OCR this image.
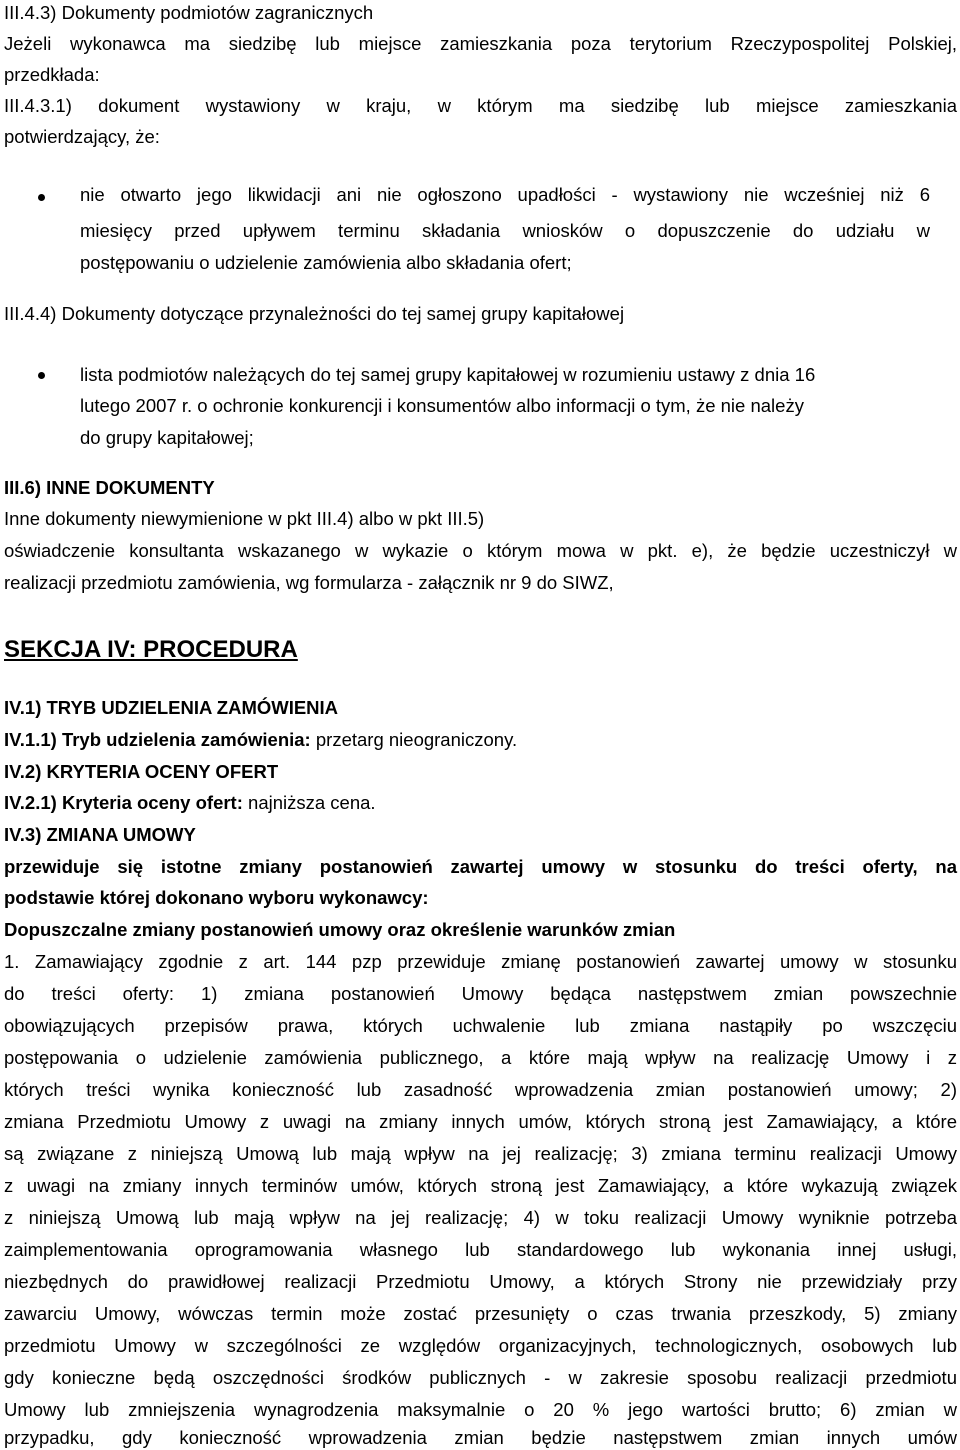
III.4.3) Dokumenty podmiotów zagranicznych
Jeżeli wykonawca ma siedzibę lub miejsce zamieszkania poza terytorium Rzeczypospolitej Polskiej,
przedkłada:
III.4.3.1) dokument wystawiony w kraju, w którym ma siedzibę lub miejsce zamieszkania
potwierdzający, że:
nie otwarto jego likwidacji ani nie ogłoszono upadłości - wystawiony nie wcześniej niż 6
miesięcy przed upływem terminu składania wniosków o dopuszczenie do udziału w
postępowaniu o udzielenie zamówienia albo składania ofert;
III.4.4) Dokumenty dotyczące przynależności do tej samej grupy kapitałowej
lista podmiotów należących do tej samej grupy kapitałowej w rozumieniu ustawy z dnia 16
lutego 2007 r. o ochronie konkurencji i konsumentów albo informacji o tym, że nie należy
do grupy kapitałowej;
III.6) INNE DOKUMENTY
Inne dokumenty niewymienione w pkt III.4) albo w pkt III.5)
oświadczenie konsultanta wskazanego w wykazie o którym mowa w pkt. e), że będzie uczestniczył w
realizacji przedmiotu zamówienia, wg formularza - załącznik nr 9 do SIWZ,
SEKCJA IV: PROCEDURA
IV.1) TRYB UDZIELENIA ZAMÓWIENIA
IV.1.1) Tryb udzielenia zamówienia: przetarg nieograniczony.
IV.2) KRYTERIA OCENY OFERT
IV.2.1) Kryteria oceny ofert: najniższa cena.
IV.3) ZMIANA UMOWY
przewiduje się istotne zmiany postanowień zawartej umowy w stosunku do treści oferty, na
podstawie której dokonano wyboru wykonawcy:
Dopuszczalne zmiany postanowień umowy oraz określenie warunków zmian
1. Zamawiający zgodnie z art. 144 pzp przewiduje zmianę postanowień zawartej umowy w stosunku
do treści oferty: 1) zmiana postanowień Umowy będąca następstwem zmian powszechnie
obowiązujących przepisów prawa, których uchwalenie lub zmiana nastąpiły po wszczęciu
postępowania o udzielenie zamówienia publicznego, a które mają wpływ na realizację Umowy i z
których treści wynika konieczność lub zasadność wprowadzenia zmian postanowień umowy; 2)
zmiana Przedmiotu Umowy z uwagi na zmiany innych umów, których stroną jest Zamawiający, a które
są związane z niniejszą Umową lub mają wpływ na jej realizację; 3) zmiana terminu realizacji Umowy
z uwagi na zmiany innych terminów umów, których stroną jest Zamawiający, a które wykazują związek
z niniejszą Umową lub mają wpływ na jej realizację; 4) w toku realizacji Umowy wyniknie potrzeba
zaimplementowania oprogramowania własnego lub standardowego lub wykonania innej usługi,
niezbędnych do prawidłowej realizacji Przedmiotu Umowy, a których Strony nie przewidziały przy
zawarciu Umowy, wówczas termin może zostać przesunięty o czas trwania przeszkody, 5) zmiany
przedmiotu Umowy w szczególności ze względów organizacyjnych, technologicznych, osobowych lub
gdy konieczne będą oszczędności środków publicznych - w zakresie sposobu realizacji przedmiotu
Umowy lub zmniejszenia wynagrodzenia maksymalnie o 20 % jego wartości brutto; 6) zmian w
przypadku, gdy konieczność wprowadzenia zmian będzie następstwem zmian innych umów
